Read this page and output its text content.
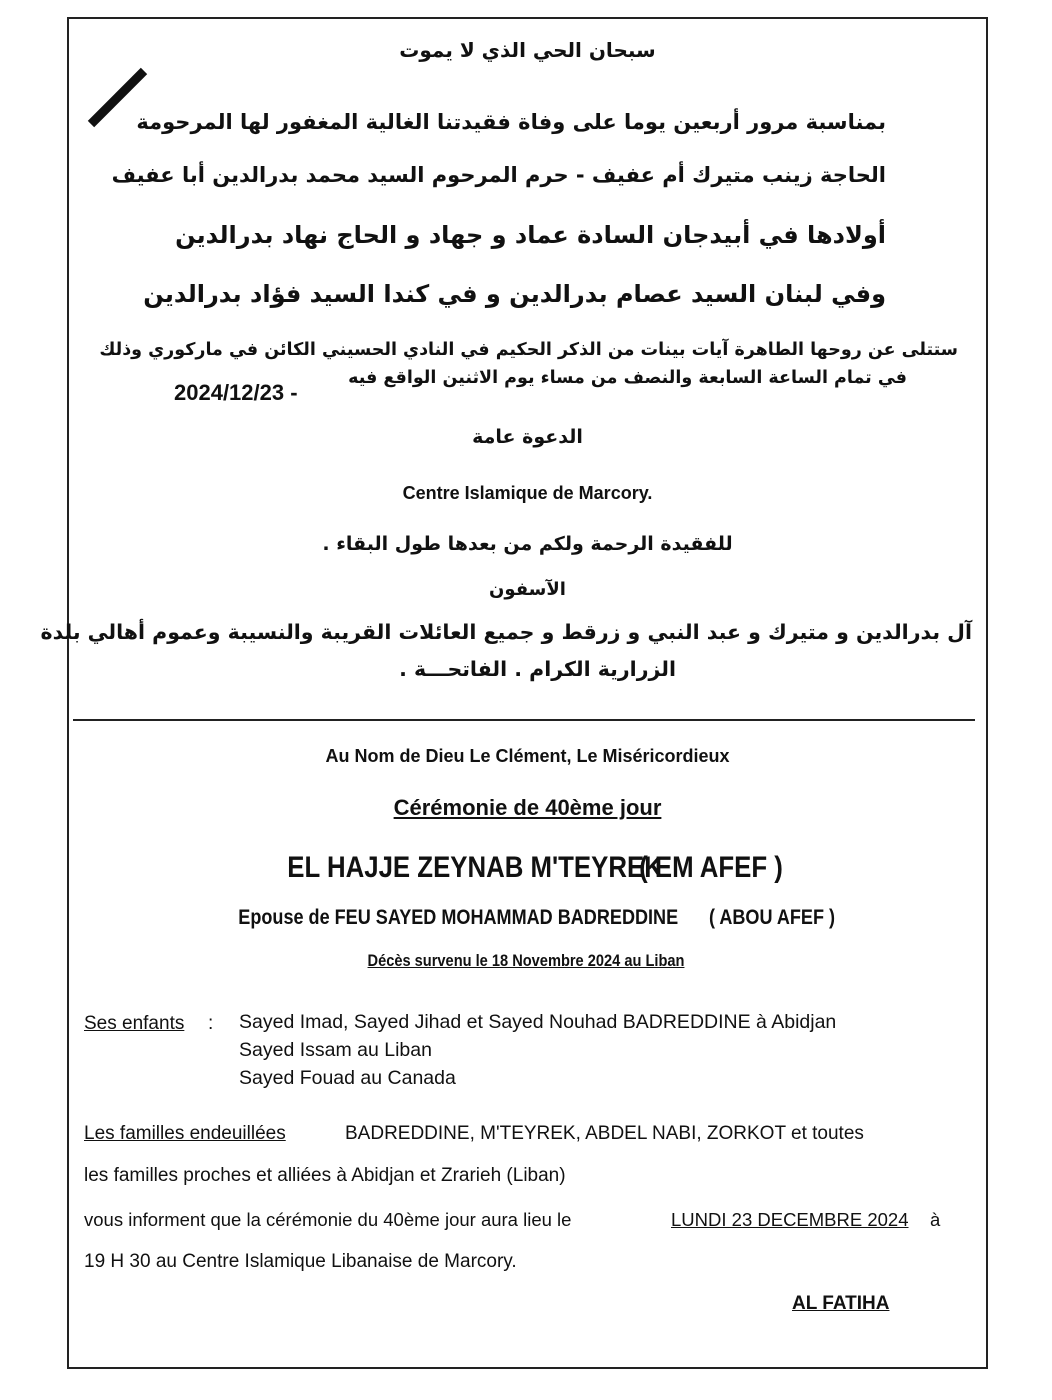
سبحان الحي الذي لا يموت
بمناسبة مرور أربعين يوما على وفاة فقيدتنا الغالية المغفور لها المرحومة
الحاجة زينب متيرك أم عفيف - حرم المرحوم السيد محمد بدرالدين أبا عفيف
أولادها في أبيدجان السادة عماد و جهاد و الحاج نهاد بدرالدين
وفي لبنان السيد عصام بدرالدين و في كندا السيد فؤاد بدرالدين
ستتلى عن روحها الطاهرة آيات بينات من الذكر الحكيم في النادي الحسيني الكائن في ماركوري وذلك
في تمام الساعة السابعة والنصف من مساء يوم الاثنين الواقع فيه
2024/12/23 -
الدعوة عامة
Centre Islamique de Marcory.
للفقيدة الرحمة ولكم من بعدها طول البقاء .
الآسفون
آل بدرالدين و متيرك و عبد النبي و زرقط و جميع العائلات القريبة والنسيبة وعموم أهالي بلدة
الزرارية الكرام . الفاتحـــة .
Au Nom de Dieu Le Clément, Le Miséricordieux
Cérémonie de 40ème jour
EL HAJJE ZEYNAB M'TEYREK
( EM AFEF )
Epouse de FEU SAYED MOHAMMAD BADREDDINE ( ABOU AFEF )
Décès survenu le 18 Novembre 2024 au Liban
Ses enfants : Sayed Imad, Sayed Jihad et Sayed Nouhad BADREDDINE à Abidjan
Sayed Issam au Liban
Sayed Fouad au Canada
Les familles endeuillées	BADREDDINE, M'TEYREK, ABDEL NABI, ZORKOT et toutes
les familles proches et alliées à Abidjan et Zrarieh (Liban)
vous informent que la cérémonie du 40ème jour aura lieu le	LUNDI 23 DECEMBRE 2024 à
19 H 30 au Centre Islamique Libanaise de Marcory.
AL FATIHA
